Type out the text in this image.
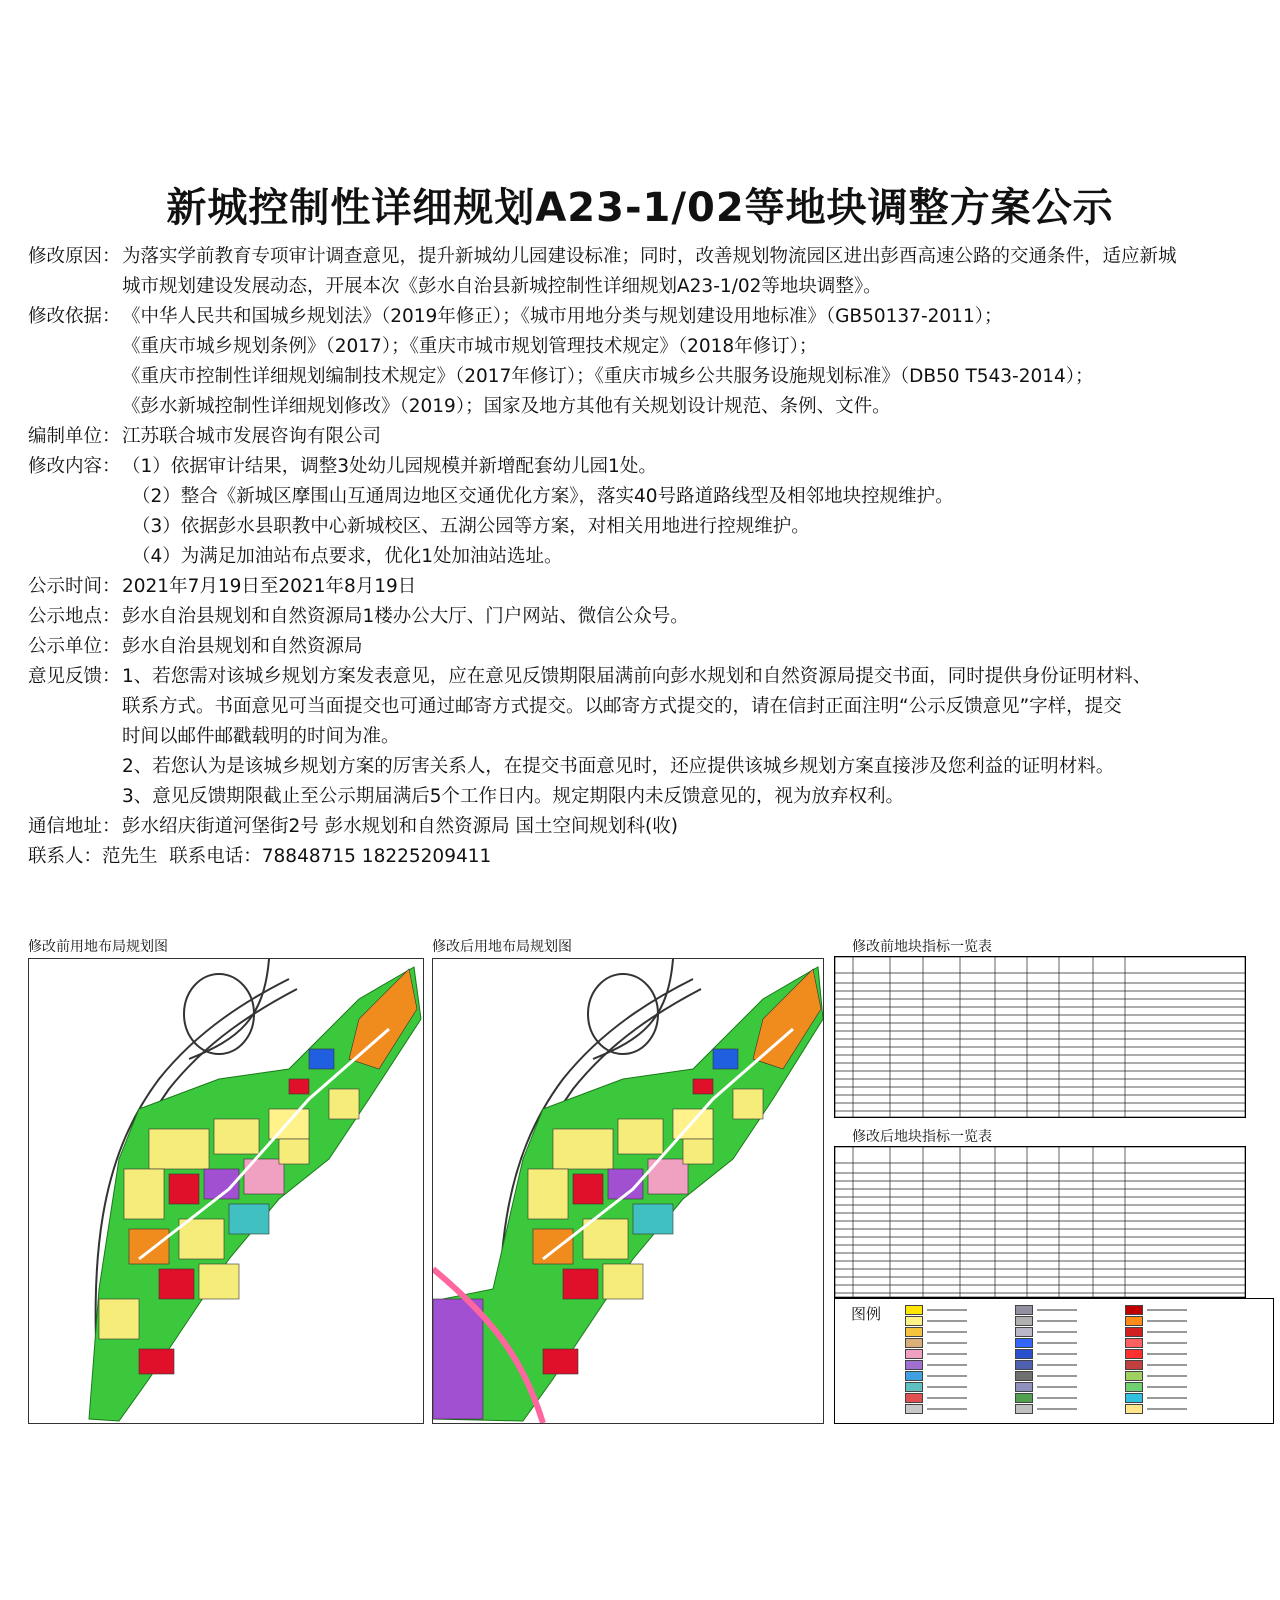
新城控制性详细规划A23-1/02等地块调整方案公示
修改原因： 为落实学前教育专项审计调查意见，提升新城幼儿园建设标准；同时，改善规划物流园区进出彭酉高速公路的交通条件，适应新城
城市规划建设发展动态，开展本次《彭水自治县新城控制性详细规划A23-1/02等地块调整》。
修改依据： 《中华人民共和国城乡规划法》（2019年修正）；《城市用地分类与规划建设用地标准》（GB50137-2011）；
《重庆市城乡规划条例》（2017）；《重庆市城市规划管理技术规定》（2018年修订）；
《重庆市控制性详细规划编制技术规定》（2017年修订）；《重庆市城乡公共服务设施规划标准》（DB50 T543-2014）；
《彭水新城控制性详细规划修改》（2019）；国家及地方其他有关规划设计规范、条例、文件。
编制单位： 江苏联合城市发展咨询有限公司
修改内容： （1）依据审计结果，调整3处幼儿园规模并新增配套幼儿园1处。
（2）整合《新城区摩围山互通周边地区交通优化方案》，落实40号路道路线型及相邻地块控规维护。
（3）依据彭水县职教中心新城校区、五湖公园等方案，对相关用地进行控规维护。
（4）为满足加油站布点要求，优化1处加油站选址。
公示时间： 2021年7月19日至2021年8月19日
公示地点： 彭水自治县规划和自然资源局1楼办公大厅、门户网站、微信公众号。
公示单位： 彭水自治县规划和自然资源局
意见反馈： 1、若您需对该城乡规划方案发表意见，应在意见反馈期限届满前向彭水规划和自然资源局提交书面，同时提供身份证明材料、
联系方式。书面意见可当面提交也可通过邮寄方式提交。以邮寄方式提交的，请在信封正面注明“公示反馈意见”字样，提交
时间以邮件邮戳载明的时间为准。
2、若您认为是该城乡规划方案的厉害关系人，在提交书面意见时，还应提供该城乡规划方案直接涉及您利益的证明材料。
3、意见反馈期限截止至公示期届满后5个工作日内。规定期限内未反馈意见的，视为放弃权利。
通信地址： 彭水绍庆街道河堡街2号 彭水规划和自然资源局 国土空间规划科(收)
联系人：范先生  联系电话：78848715 18225209411
修改前用地布局规划图	修改后用地布局规划图	修改前地块指标一览表
修改后地块指标一览表
图例
